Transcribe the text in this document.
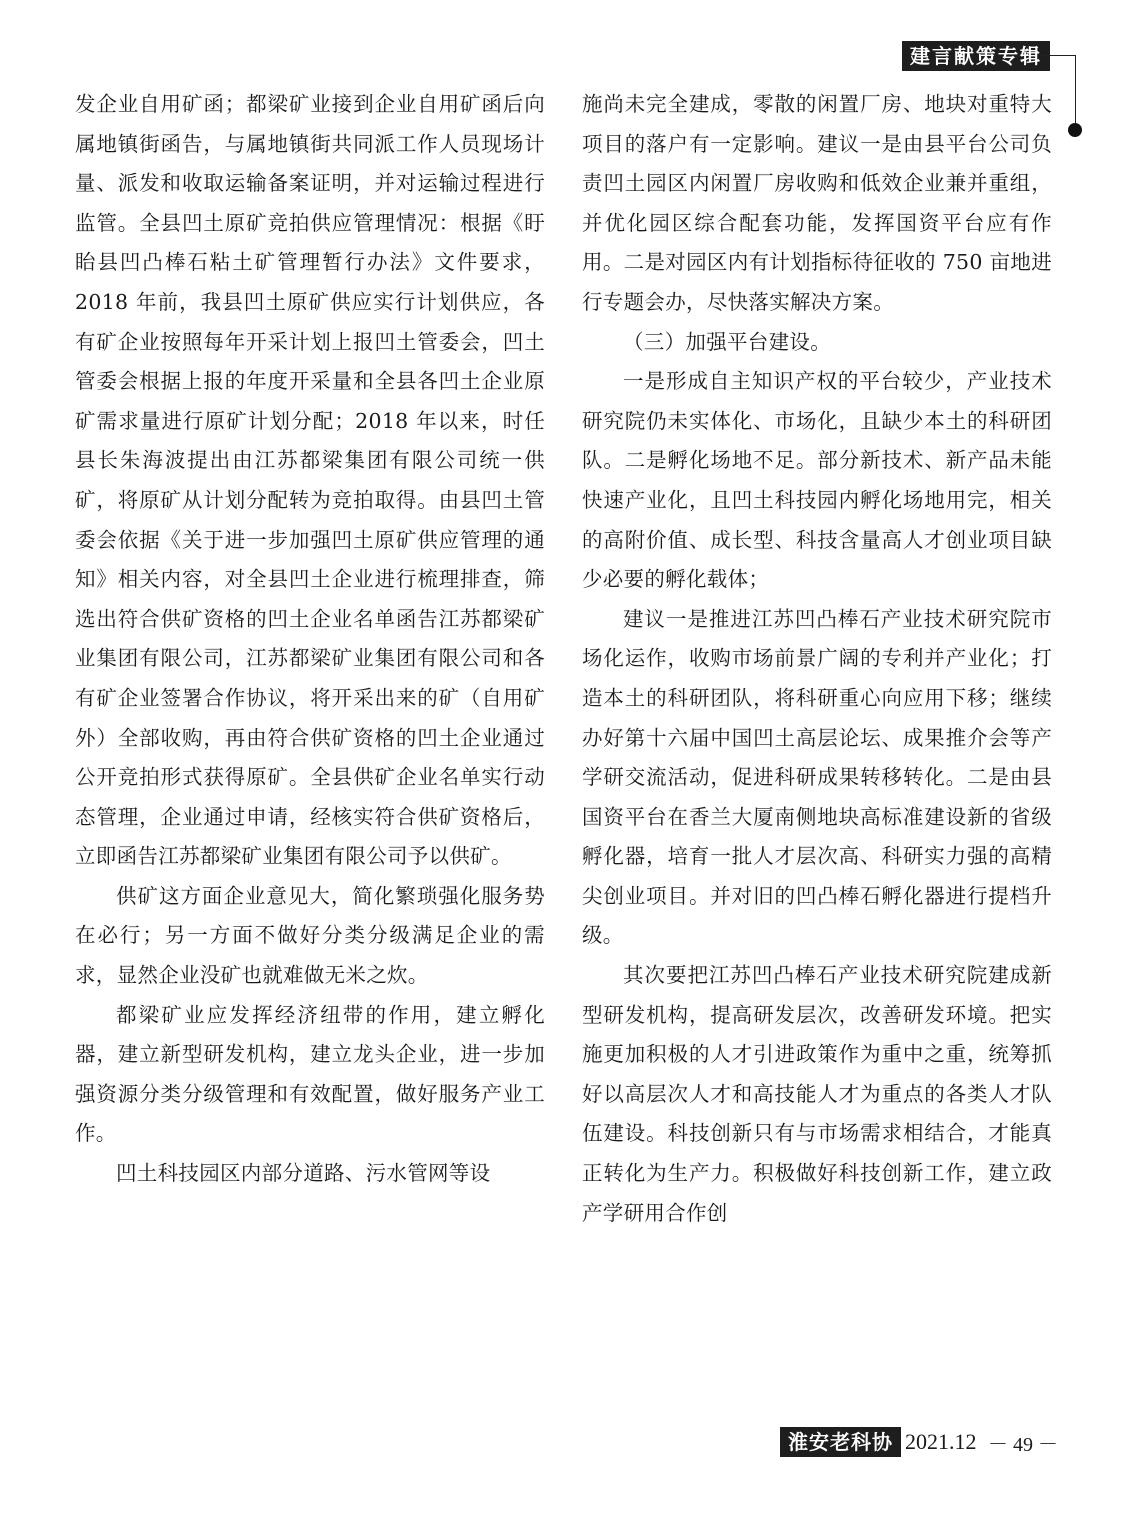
建言献策专辑

发企业自用矿函；都梁矿业接到企业自用矿函后向属地镇街函告，与属地镇街共同派工作人员现场计量、派发和收取运输备案证明，并对运输过程进行监管。全县凹土原矿竞拍供应管理情况：根据《盱眙县凹凸棒石粘土矿管理暂行办法》文件要求，2018 年前，我县凹土原矿供应实行计划供应，各有矿企业按照每年开采计划上报凹土管委会，凹土管委会根据上报的年度开采量和全县各凹土企业原矿需求量进行原矿计划分配；2018 年以来，时任县长朱海波提出由江苏都梁集团有限公司统一供矿，将原矿从计划分配转为竞拍取得。由县凹土管委会依据《关于进一步加强凹土原矿供应管理的通知》相关内容，对全县凹土企业进行梳理排查，筛选出符合供矿资格的凹土企业名单函告江苏都梁矿业集团有限公司，江苏都梁矿业集团有限公司和各有矿企业签署合作协议，将开采出来的矿（自用矿外）全部收购，再由符合供矿资格的凹土企业通过公开竞拍形式获得原矿。全县供矿企业名单实行动态管理，企业通过申请，经核实符合供矿资格后，立即函告江苏都梁矿业集团有限公司予以供矿。

供矿这方面企业意见大，简化繁琐强化服务势在必行；另一方面不做好分类分级满足企业的需求，显然企业没矿也就难做无米之炊。

都梁矿业应发挥经济纽带的作用，建立孵化器，建立新型研发机构，建立龙头企业，进一步加强资源分类分级管理和有效配置，做好服务产业工作。

凹土科技园区内部分道路、污水管网等设

施尚未完全建成，零散的闲置厂房、地块对重特大项目的落户有一定影响。建议一是由县平台公司负责凹土园区内闲置厂房收购和低效企业兼并重组，并优化园区综合配套功能，发挥国资平台应有作用。二是对园区内有计划指标待征收的 750 亩地进行专题会办，尽快落实解决方案。

（三）加强平台建设。

一是形成自主知识产权的平台较少，产业技术研究院仍未实体化、市场化，且缺少本土的科研团队。二是孵化场地不足。部分新技术、新产品未能快速产业化，且凹土科技园内孵化场地用完，相关的高附价值、成长型、科技含量高人才创业项目缺少必要的孵化载体；

建议一是推进江苏凹凸棒石产业技术研究院市场化运作，收购市场前景广阔的专利并产业化；打造本土的科研团队，将科研重心向应用下移；继续办好第十六届中国凹土高层论坛、成果推介会等产学研交流活动，促进科研成果转移转化。二是由县国资平台在香兰大厦南侧地块高标准建设新的省级孵化器，培育一批人才层次高、科研实力强的高精尖创业项目。并对旧的凹凸棒石孵化器进行提档升级。

其次要把江苏凹凸棒石产业技术研究院建成新型研发机构，提高研发层次，改善研发环境。把实施更加积极的人才引进政策作为重中之重，统筹抓好以高层次人才和高技能人才为重点的各类人才队伍建设。科技创新只有与市场需求相结合，才能真正转化为生产力。积极做好科技创新工作，建立政产学研用合作创

淮安老科协 2021.12 － 49 －
